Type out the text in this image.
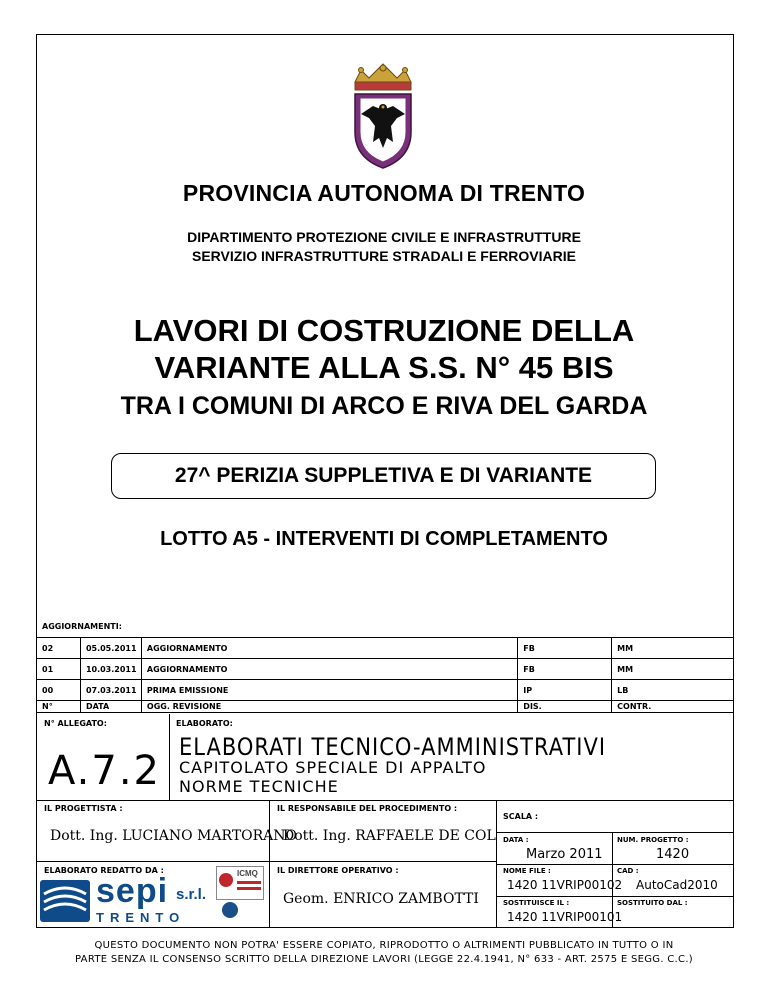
PROVINCIA AUTONOMA DI TRENTO
DIPARTIMENTO PROTEZIONE CIVILE E INFRASTRUTTURE
SERVIZIO INFRASTRUTTURE STRADALI E FERROVIARIE
LAVORI DI COSTRUZIONE DELLA
VARIANTE ALLA S.S. N° 45 BIS
TRA I COMUNI DI ARCO E RIVA DEL GARDA
27^ PERIZIA SUPPLETIVA E DI VARIANTE
LOTTO A5 - INTERVENTI DI COMPLETAMENTO
AGGIORNAMENTI:
02	05.05.2011	AGGIORNAMENTO	FB	MM
01	10.03.2011	AGGIORNAMENTO	FB	MM
00	07.03.2011	PRIMA EMISSIONE	IP	LB
N°	DATA	OGG. REVISIONE	DIS.	CONTR.
N° ALLEGATO:
A.7.2
ELABORATO:
ELABORATI TECNICO-AMMINISTRATIVI
CAPITOLATO SPECIALE DI APPALTO
NORME TECNICHE
IL PROGETTISTA :
Dott. Ing. LUCIANO MARTORANO
IL RESPONSABILE DEL PROCEDIMENTO :
Dott. Ing. RAFFAELE DE COL
ELABORATO REDATTO DA :
sepi s.r.l.
TRENTO
ICMQ IL DIRETTORE OPERATIVO :
Geom. ENRICO ZAMBOTTI
SCALA :
DATA :
Marzo 2011
NUM. PROGETTO :
1420
NOME FILE :
1420 11VRIP00102
CAD :
AutoCad2010
SOSTITUISCE IL :
1420 11VRIP00101
SOSTITUITO DAL :
QUESTO DOCUMENTO NON POTRA' ESSERE COPIATO, RIPRODOTTO O ALTRIMENTI PUBBLICATO IN TUTTO O IN
PARTE SENZA IL CONSENSO SCRITTO DELLA DIREZIONE LAVORI (LEGGE 22.4.1941, N° 633 - ART. 2575 E SEGG. C.C.)
